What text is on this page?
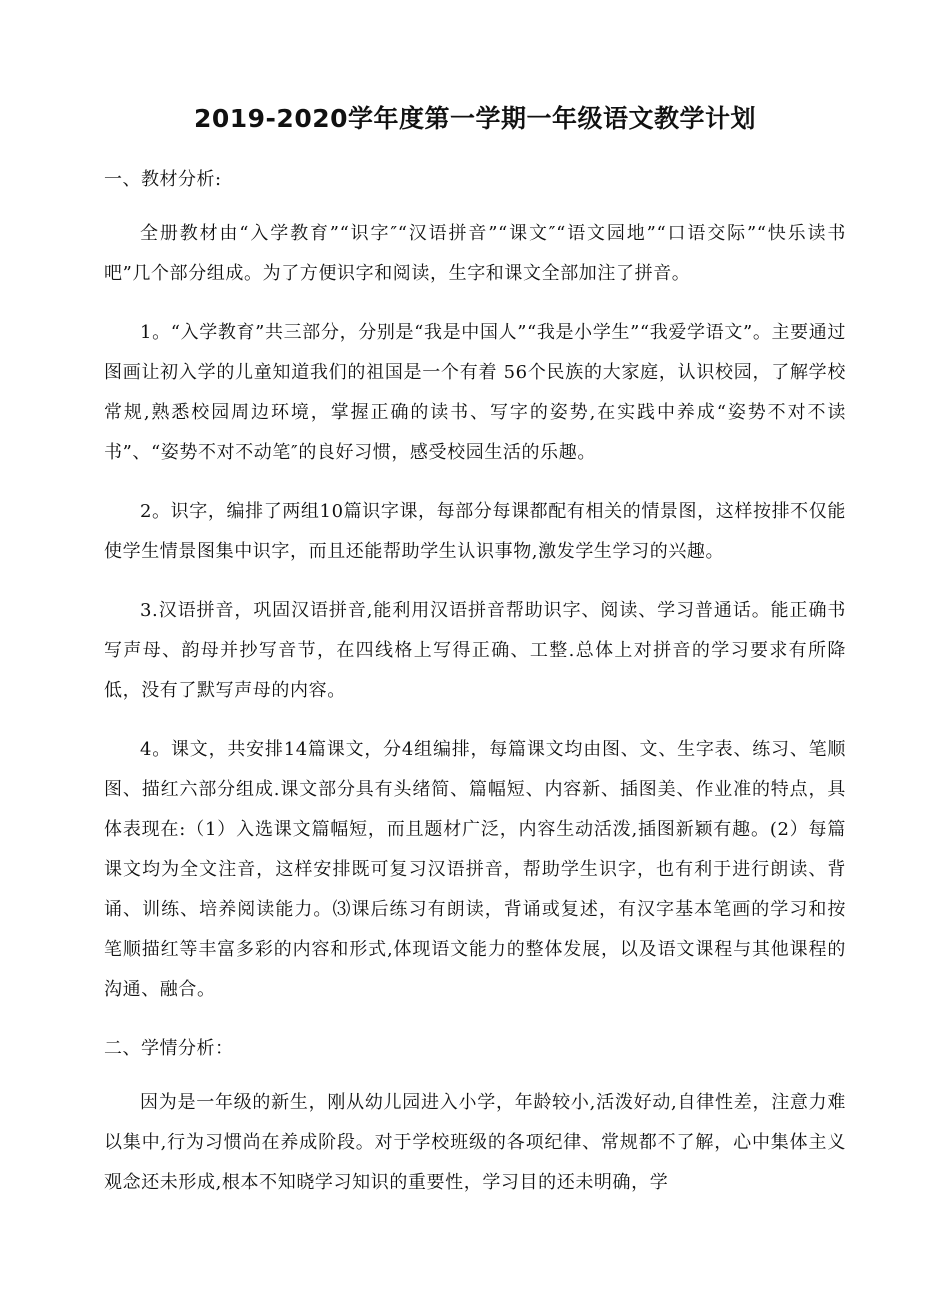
2019-2020学年度第一学期一年级语文教学计划

一、教材分析:

全册教材由“入学教育”“识字″“汉语拼音”“课文″“语文园地”“口语交际”“快乐读书吧”几个部分组成。为了方便识字和阅读，生字和课文全部加注了拼音。

1。“入学教育”共三部分，分别是“我是中国人”“我是小学生”“我爱学语文”。主要通过图画让初入学的儿童知道我们的祖国是一个有着 56个民族的大家庭，认识校园，了解学校常规,熟悉校园周边环境，掌握正确的读书、写字的姿势,在实践中养成“姿势不对不读书”、“姿势不对不动笔″的良好习惯，感受校园生活的乐趣。

2。识字，编排了两组10篇识字课，每部分每课都配有相关的情景图，这样按排不仅能使学生情景图集中识字，而且还能帮助学生认识事物,激发学生学习的兴趣。

3.汉语拼音，巩固汉语拼音,能利用汉语拼音帮助识字、阅读、学习普通话。能正确书写声母、韵母并抄写音节，在四线格上写得正确、工整.总体上对拼音的学习要求有所降低，没有了默写声母的内容。

4。课文，共安排14篇课文，分4组编排，每篇课文均由图、文、生字表、练习、笔顺图、描红六部分组成.课文部分具有头绪简、篇幅短、内容新、插图美、作业准的特点，具体表现在:（1）入选课文篇幅短，而且题材广泛，内容生动活泼,插图新颖有趣。(2）每篇课文均为全文注音，这样安排既可复习汉语拼音，帮助学生识字，也有利于进行朗读、背诵、训练、培养阅读能力。⑶课后练习有朗读，背诵或复述，有汉字基本笔画的学习和按笔顺描红等丰富多彩的内容和形式,体现语文能力的整体发展，以及语文课程与其他课程的沟通、融合。

二、学情分析：

因为是一年级的新生，刚从幼儿园进入小学，年龄较小,活泼好动,自律性差，注意力难以集中,行为习惯尚在养成阶段。对于学校班级的各项纪律、常规都不了解，心中集体主义观念还未形成,根本不知晓学习知识的重要性，学习目的还未明确，学
